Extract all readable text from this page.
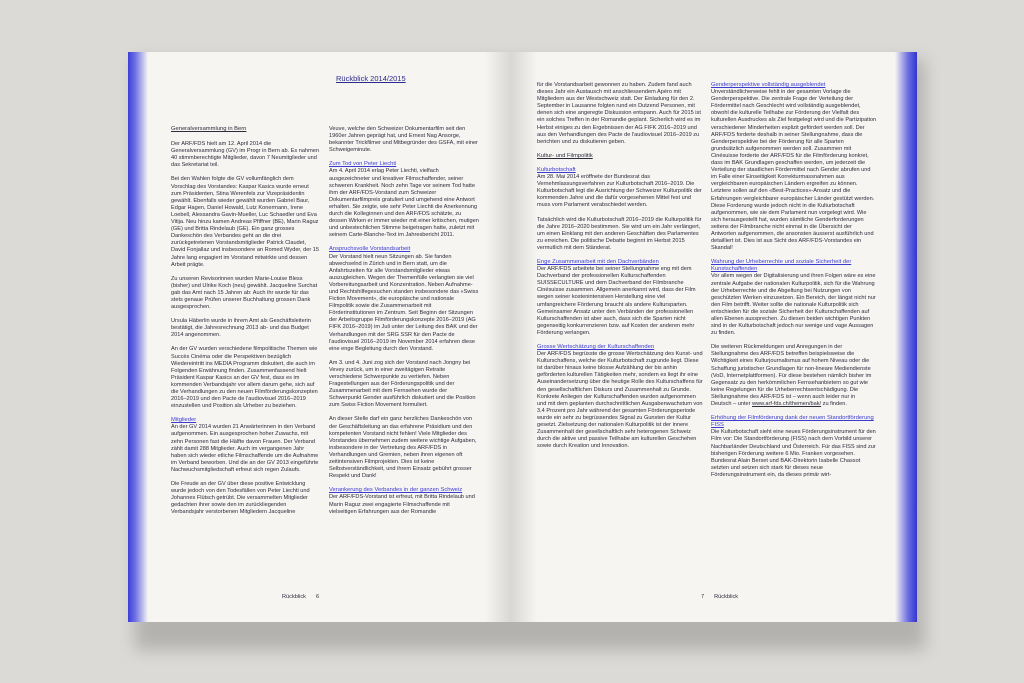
Rückblick 2014/2015
Generalversammlung in Bern

Der ARF/FDS hielt am 12. April 2014 die Generalversammlung (GV) im Progr in Bern ab. Es nahmen 40 stimmberechtigte Mitglieder, davon 7 Neumitglieder und das Sekretariat teil.

Bei den Wahlen folgte die GV vollumfänglich dem Vorschlag des Vorstandes: Kaspar Kasics wurde erneut zum Präsidenten, Stina Werenfels zur Vizepräsidentin gewählt. Ebenfalls wieder gewählt wurden Gabriel Baur, Edgar Hagen, Daniel Howald, Lutz Konermann, Irene Loebell, Alessandra Gavin-Mueller, Luc Schaedler und Eva Vitija. Neu hinzu kamen Andreas Pfiffner (BE), Marin Raguz (GE) und Britta Rindelaub (GE). Ein ganz grosses Dankeschön des Verbandes geht an die drei zurückgetretenen Vorstandsmitglieder Patrick Claudet, David Fonjallaz und insbesondere an Romed Wyder, der 15 Jahre lang engagiert im Vorstand mitwirkte und dessen Arbeit prägte.

Zu unseren Revisorinnen wurden Marie-Louise Bless (bisher) und Ulrike Koch (neu) gewählt. Jacqueline Surchat gab das Amt nach 15 Jahren ab: Auch ihr wurde für das stets genaue Prüfen unserer Buchhaltung grossen Dank ausgesprochen.

Ursula Häberlin wurde in ihrem Amt als Geschäftsleiterin bestätigt, die Jahresrechnung 2013 ab- und das Budget 2014 angenommen.

An der GV wurden verschiedene filmpolitische Themen wie Succès Cinéma oder die Perspektiven bezüglich Wiedereintritt ins MEDIA Programm diskutiert, die auch im Folgenden Erwähnung finden. Zusammenfassend hielt Präsident Kaspar Kasics an der GV fest, dass es im kommenden Verbandsjahr vor allem darum gehe, sich auf die Verhandlungen zu den neuen Filmförderungskonzepten 2016–2019 und den Pacte de l'audiovisuel 2016–2019 einzustellen und Position als Urheber zu beziehen.

Mitglieder

An der GV 2014 wurden 21 Anwärterinnen in den Verband aufgenommen. Ein ausgesprochen hoher Zuwachs, mit zehn Personen fast die Hälfte davon Frauen. Der Verband zählt damit 288 Mitglieder. Auch im vergangenen Jahr haben sich wieder etliche Filmschaffende um die Aufnahme im Verband beworben. Und die an der GV 2013 eingeführte Nachwuchsmitgliedschaft erfreut sich regen Zulaufs.

Die Freude an der GV über diese positive Entwicklung wurde jedoch von den Todesfällen von Peter Liechti und Johannes Flütsch getrübt. Die versammelten Mitglieder gedachten ihrer sowie den im zurückliegenden Verbandsjahr verstorbenen Mitgliedern Jacqueline

Veuve, welche den Schweizer Dokumentarfilm seit den 1960er Jahren geprägt hat, und Ernest Nag Ansorge, bekannter Trickfilmer und Mitbegründer des GSFA, mit einer Schweigeminute.

Zum Tod von Peter Liechti

Am 4. April 2014 erlag Peter Liechti, vielfach ausgezeichneter und kreativer Filmschaffender, seiner schweren Krankheit. Noch zehn Tage vor seinem Tod hatte ihm der ARF/FDS-Vorstand zum Schweizer Dokumentarfilmpreis gratuliert und umgehend eine Antwort erhalten. Sie zeigte, wie sehr Peter Liechti die Anerkennung durch die Kolleginnen und den ARF/FDS schätzte, zu dessen Wirken er immer wieder mit einer kritischen, mutigen und unbestechlichen Stimme beigetragen hatte, zuletzt mit seinem Carte-Blanche-Text im Jahresbericht 2011.

Anspruchsvolle Vorstandsarbeit

Der Vorstand hielt neun Sitzungen ab. Sie fanden abwechselnd in Zürich und in Bern statt, um die Anfahrtszeiten für alle Vorstandsmitglieder etwas auszugleichen. Wegen der Themenfülle verlangten sie viel Vorbereitungsarbeit und Konzentration. Neben Aufnahme- und Rechtshilfegesuchen standen insbesondere das «Swiss Fiction Movement», die europäische und nationale Filmpolitik sowie die Zusammenarbeit mit Förderinstitutionen im Zentrum. Seit Beginn der Sitzungen der Arbeitsgruppe Filmförderungskonzepte 2016–2019 (AG FIFK 2016–2019) im Juli unter der Leitung des BAK und der Verhandlungen mit der SRG SSR für den Pacte de l'audiovisuel 2016–2019 im November 2014 erfahren diese eine enge Begleitung durch den Vorstand.

Am 3. und 4. Juni zog sich der Vorstand nach Jongny bei Vevey zurück, um in einer zweitägigen Retraite verschiedene Schwerpunkte zu vertiefen. Neben Fragestellungen aus der Förderungspolitik und der Zusammenarbeit mit dem Fernsehen wurde der Schwerpunkt Gender ausführlich diskutiert und die Position zum Swiss Fiction Movement formuliert.

An dieser Stelle darf ein ganz herzliches Dankeschön von der Geschäftsleitung an das erfahrene Präsidium und den kompetenten Vorstand nicht fehlen! Viele Mitglieder des Vorstandes übernehmen zudem weitere wichtige Aufgaben, insbesondere in der Vertretung des ARF/FDS in Verhandlungen und Gremien, neben ihren eigenen oft zeitintensiven Filmprojekten. Dies ist keine Selbstverständlichkeit, und ihrem Einsatz gebührt grosser Respekt und Dank!

Verankerung des Verbandes in der ganzen Schweiz

Der ARF/FDS-Vorstand ist erfreut, mit Britta Rindelaub und Marin Raguz zwei engagierte Filmschaffende mit vielseitigen Erfahrungen aus der Romandie

Rückblick 6

für die Vorstandsarbeit gewonnen zu haben. Zudem fand auch dieses Jahr ein Austausch mit anschliessendem Apéro mit Mitgliedern aus der Westschweiz statt. Der Einladung für den 2. September in Lausanne folgten rund ein Dutzend Personen, mit denen sich eine angeregte Diskussion entspann. Auch für 2015 ist ein solches Treffen in der Romandie geplant. Sicherlich wird es im Herbst einiges zu den Ergebnissen der AG FIFK 2016–2019 und aus den Verhandlungen des Pacte de l'audiovisuel 2016–2019 zu berichten und zu diskutieren geben.

Kultur- und Filmpolitik
Kulturbotschaft

Am 28. Mai 2014 eröffnete der Bundesrat das Vernehmlassungsverfahren zur Kulturbotschaft 2016–2019. Die Kulturbotschaft legt die Ausrichtung der Schweizer Kulturpolitik der kommenden Jahre und die dafür vorgesehenen Mittel fest und muss vom Parlament verabschiedet werden.

Tatsächlich wird die Kulturbotschaft 2016–2019 die Kulturpolitik für die Jahre 2016–2020 bestimmen. Sie wird um ein Jahr verlängert, um einen Einklang mit den anderen Geschäften des Parlamentes zu erreichen. Die politische Debatte beginnt im Herbst 2015 vermutlich mit dem Ständerat.

Enge Zusammenarbeit mit den Dachverbänden

Der ARF/FDS arbeitete bei seiner Stellungnahme eng mit dem Dachverband der professionellen Kulturschaffenden SUISSECULTURE und dem Dachverband der Filmbranche Cinésuisse zusammen. Allgemein anerkannt wird, dass der Film wegen seiner kostenintensiven Herstellung eine viel umfangreichere Förderung braucht als andere Kultursparten. Gemeinsamer Ansatz unter den Verbänden der professionellen Kulturschaffenden ist aber auch, dass sich die Sparten nicht gegenseitig konkurrenzieren bzw. auf Kosten der anderen mehr Förderung verlangen.

Grosse Wertschätzung der Kulturschaffenden

Der ARF/FDS begrüsste die grosse Wertschätzung des Kunst- und Kulturschaffens, welche der Kulturbotschaft zugrunde liegt. Diese ist darüber hinaus keine blosse Aufzählung der bis anhin geförderten kulturellen Tätigkeiten mehr, sondern es liegt ihr eine Auseinandersetzung über die heutige Rolle des Kulturschaffens für den gesellschaftlichen Diskurs und Zusammenhalt zu Grunde. Konkrete Anliegen der Kulturschaffenden wurden aufgenommen und mit dem geplanten durchschnittlichen Ausgabenwachstum von 3,4 Prozent pro Jahr während der gesamten Förderungsperiode wurde ein sehr zu begrüssendes Signal zu Gunsten der Kultur gesetzt. Zielsetzung der nationalen Kulturpolitik ist der innere Zusammenhalt der gesellschaftlich sehr heterogenen Schweiz durch die aktive und passive Teilhabe am kulturellen Geschehen sowie durch Kreation und Innovation.

Genderperspektive vollständig ausgeblendet

Unverständlicherweise fehlt in der gesamten Vorlage die Genderperspektive. Die zentrale Frage der Verteilung der Fördermittel nach Geschlecht wird vollständig ausgeblendet, obwohl die kulturelle Teilhabe zur Förderung der Vielfalt des kulturellen Ausdruckes als Ziel festgelegt wird und die Partizipation verschiedener Minderheiten explizit gefördert werden soll. Der ARF/FDS forderte deshalb in seiner Stellungnahme, dass die Genderperspektive bei der Förderung für alle Sparten grundsätzlich aufgenommen werden soll. Zusammen mit Cinésuisse forderte der ARF/FDS für die Filmförderung konkret, dass im BAK Grundlagen geschaffen werden, um jederzeit die Verteilung der staatlichen Fördermittel nach Gender abrufen und im Falle einer Einseitigkeit Korrekturmassnahmen aus vergleichbaren europäischen Ländern ergreifen zu können. Letztere sollen auf den «Best-Practices»-Ansatz und die Erfahrungen vergleichbarer europäischer Länder gestützt werden. Diese Forderung wurde jedoch nicht in die Kulturbotschaft aufgenommen, wie sie dem Parlament nun vorgelegt wird. Wie sich herausgestellt hat, wurden sämtliche Genderforderungen seitens der Filmbranche nicht einmal in die Übersicht der Antworten aufgenommen, die ansonsten äusserst ausführlich und detailliert ist. Dies ist aus Sicht des ARF/FDS-Vorstandes ein Skandal!

Wahrung der Urheberrechte und soziale Sicherheit der Kunstschaffenden

Vor allem wegen der Digitalisierung und ihren Folgen wäre es eine zentrale Aufgabe der nationalen Kulturpolitik, sich für die Wahrung der Urheberrechte und die Abgeltung bei Nutzungen von geschützten Werken einzusetzen. Ein Bereich, der längst nicht nur den Film betrifft. Weiter sollte die nationale Kulturpolitik sich entschieden für die soziale Sicherheit der Kulturschaffenden auf allen Ebenen aussprechen. Zu diesen beiden wichtigen Punkten sind in der Kulturbotschaft jedoch nur wenige und vage Aussagen zu finden.

Die weiteren Rückmeldungen und Anregungen in der Stellungnahme des ARF/FDS betreffen beispielsweise die Wichtigkeit eines Kulturjournalismus auf hohem Niveau oder die Schaffung juristischer Grundlagen für non-lineare Mediendienste (VoD, Internetplattformen). Für diese bestehen nämlich bisher im Gegensatz zu den herkömmlichen Fernsehanbietern so gut wie keine Regelungen für die Urheberrechtsentschädigung. Die Stellungnahme des ARF/FDS ist – wenn auch leider nur in Deutsch – unter www.arf-fds.ch/themen/bak/ zu finden.

Erhöhung der Filmförderung dank der neuen Standortförderung FISS

Die Kulturbotschaft sieht eine neues Förderungsinstrument für den Film vor: Die Standortförderung (FISS) nach dem Vorbild unserer Nachbarländer Deutschland und Österreich. Für das FISS sind zur bisherigen Förderung weitere 6 Mio. Franken vorgesehen. Bundesrat Alain Berset und BAK-Direktorin Isabelle Chassot setzten und setzen sich stark für dieses neue Förderungsinstrument ein, da dieses primär wirt-

7 Rückblick
